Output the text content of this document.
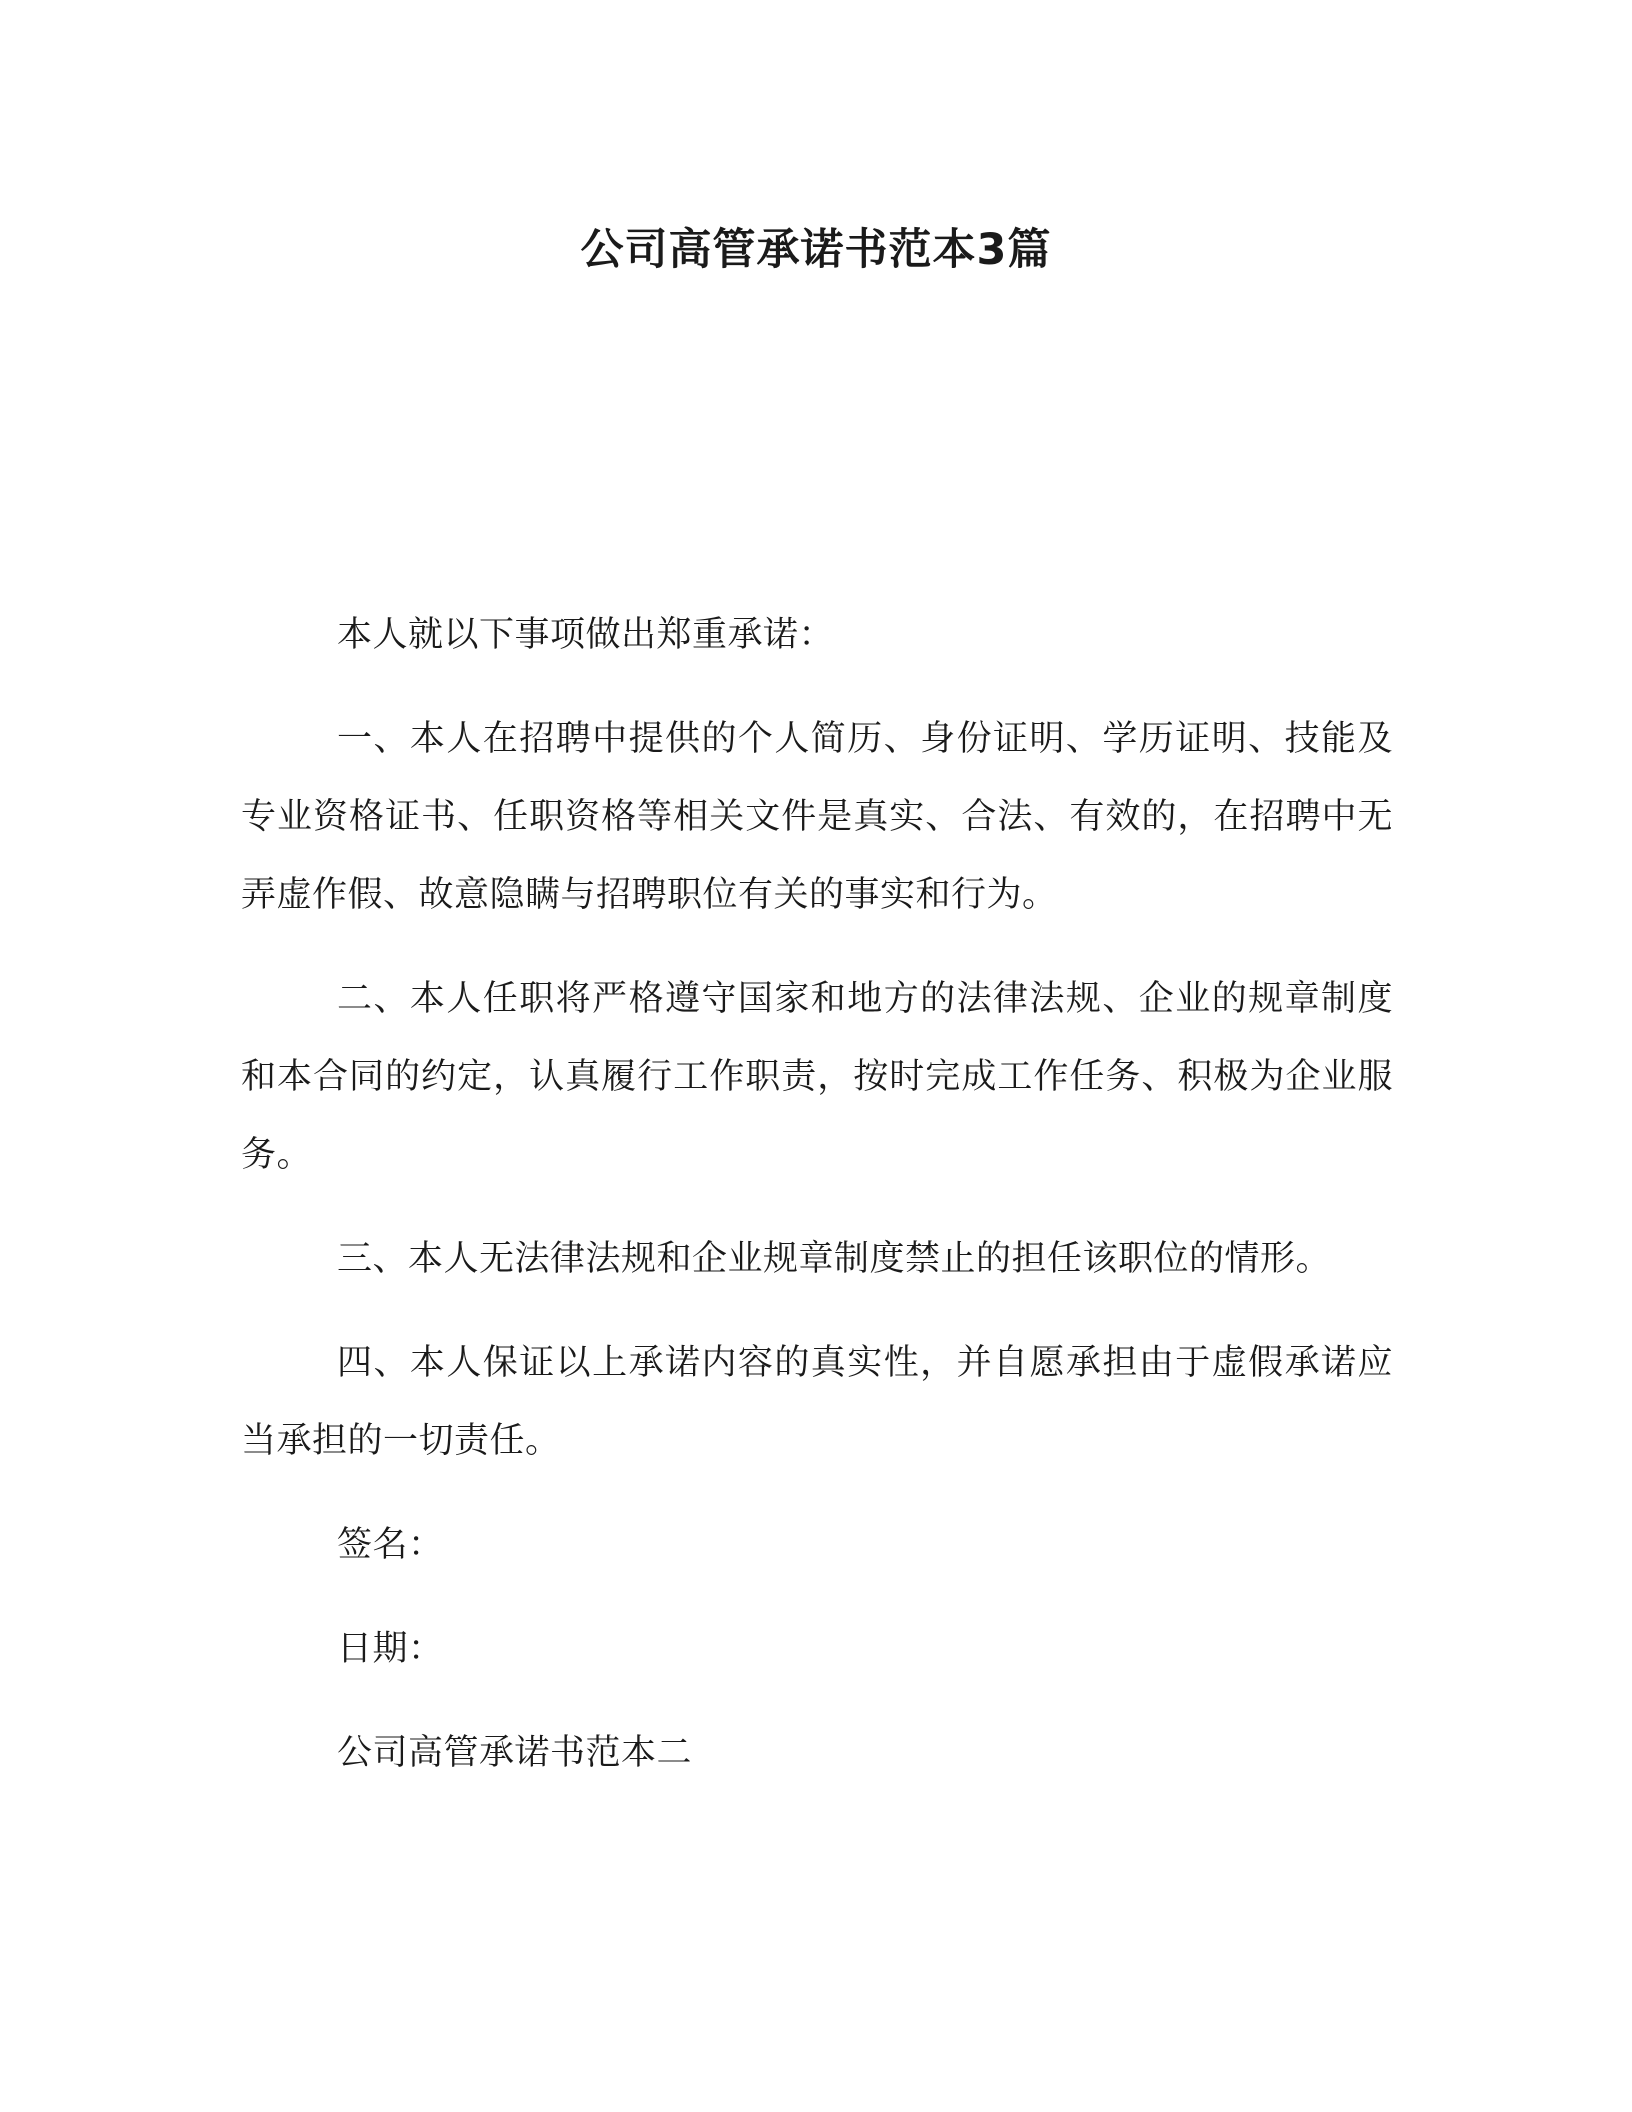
公司高管承诺书范本3篇

本人就以下事项做出郑重承诺：

一、本人在招聘中提供的个人简历、身份证明、学历证明、技能及专业资格证书、任职资格等相关文件是真实、合法、有效的，在招聘中无弄虚作假、故意隐瞒与招聘职位有关的事实和行为。

二、本人任职将严格遵守国家和地方的法律法规、企业的规章制度和本合同的约定，认真履行工作职责，按时完成工作任务、积极为企业服务。

三、本人无法律法规和企业规章制度禁止的担任该职位的情形。

四、本人保证以上承诺内容的真实性，并自愿承担由于虚假承诺应当承担的一切责任。

签名：

日期：

公司高管承诺书范本二
